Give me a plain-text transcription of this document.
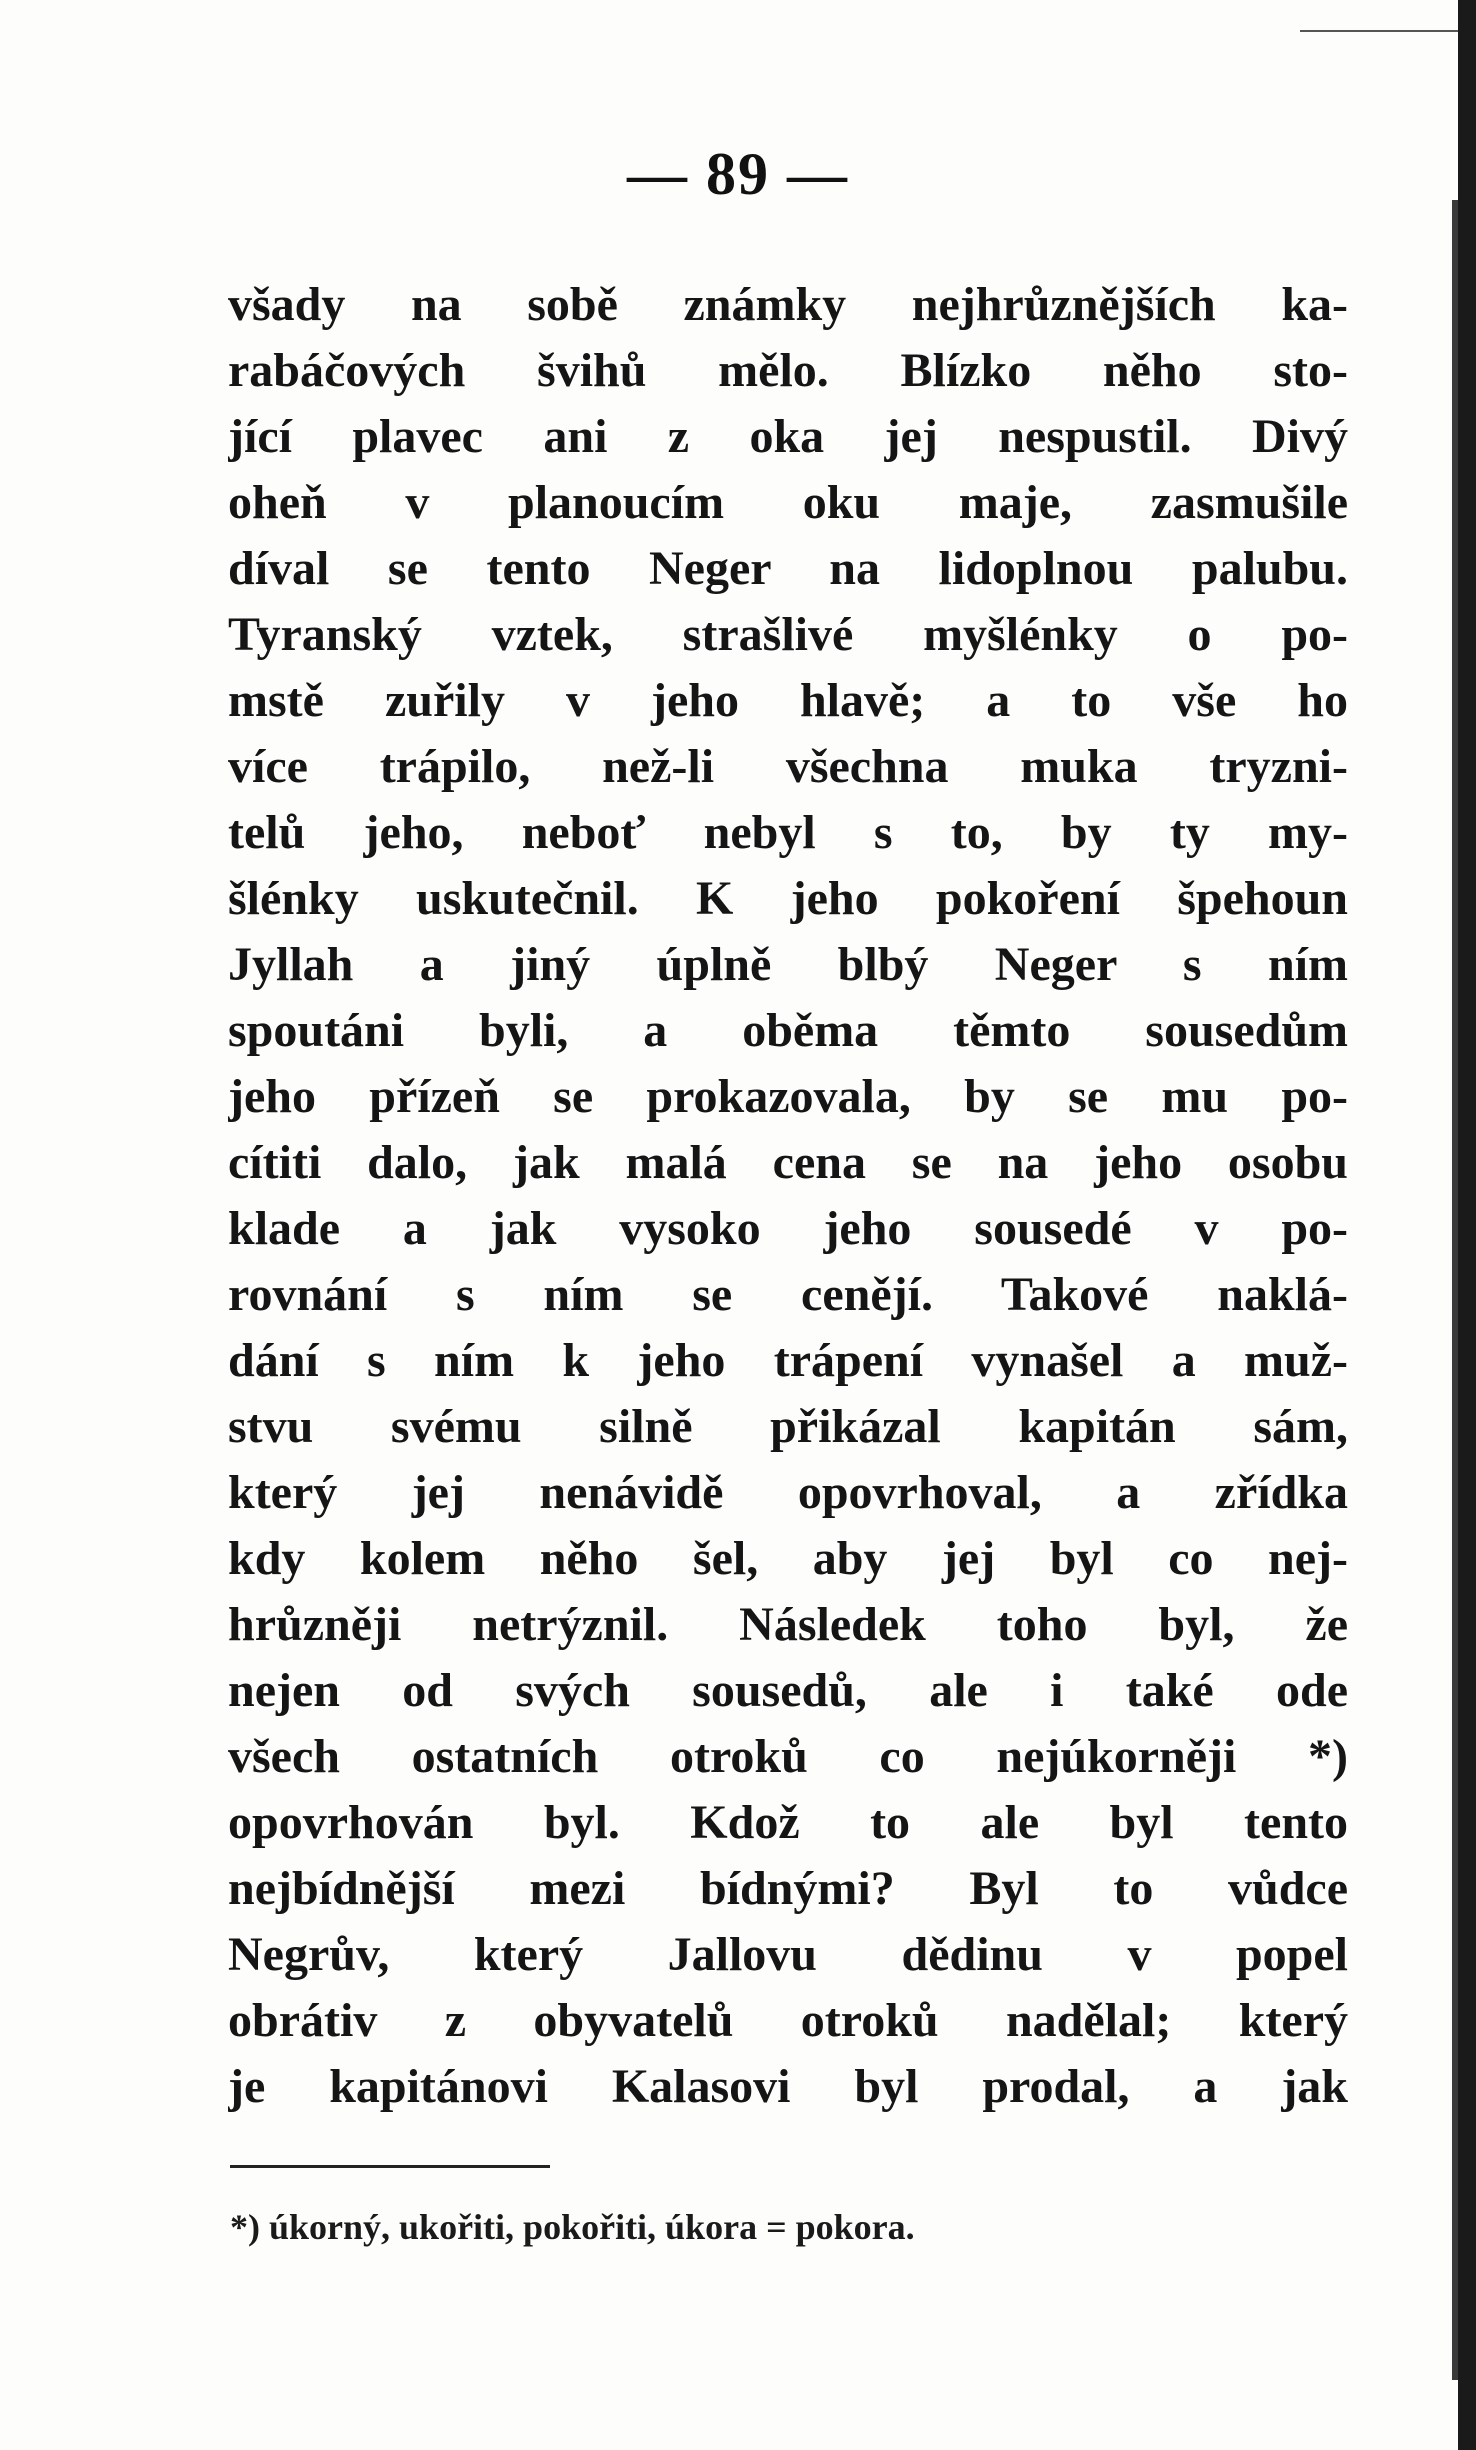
— 89 —
všady na sobě známky nejhrůznějších ka-
rabáčových švihů mělo. Blízko něho sto-
jící plavec ani z oka jej nespustil. Divý
oheň v planoucím oku maje, zasmušile
díval se tento Neger na lidoplnou palubu.
Tyranský vztek, strašlivé myšlénky o po-
mstě zuřily v jeho hlavě; a to vše ho
více trápilo, než-li všechna muka tryzni-
telů jeho, neboť nebyl s to, by ty my-
šlénky uskutečnil. K jeho pokoření špehoun
Jyllah a jiný úplně blbý Neger s ním
spoutáni byli, a oběma těmto sousedům
jeho přízeň se prokazovala, by se mu po-
cítiti dalo, jak malá cena se na jeho osobu
klade a jak vysoko jeho sousedé v po-
rovnání s ním se cenějí. Takové naklá-
dání s ním k jeho trápení vynašel a muž-
stvu svému silně přikázal kapitán sám,
který jej nenávidě opovrhoval, a zřídka
kdy kolem něho šel, aby jej byl co nej-
hrůzněji netrýznil. Následek toho byl, že
nejen od svých sousedů, ale i také ode
všech ostatních otroků co nejúkorněji *)
opovrhován byl. Kdož to ale byl tento
nejbídnější mezi bídnými? Byl to vůdce
Negrův, který Jallovu dědinu v popel
obrátiv z obyvatelů otroků nadělal; který
je kapitánovi Kalasovi byl prodal, a jak
*) úkorný, ukořiti, pokořiti, úkora = pokora.
